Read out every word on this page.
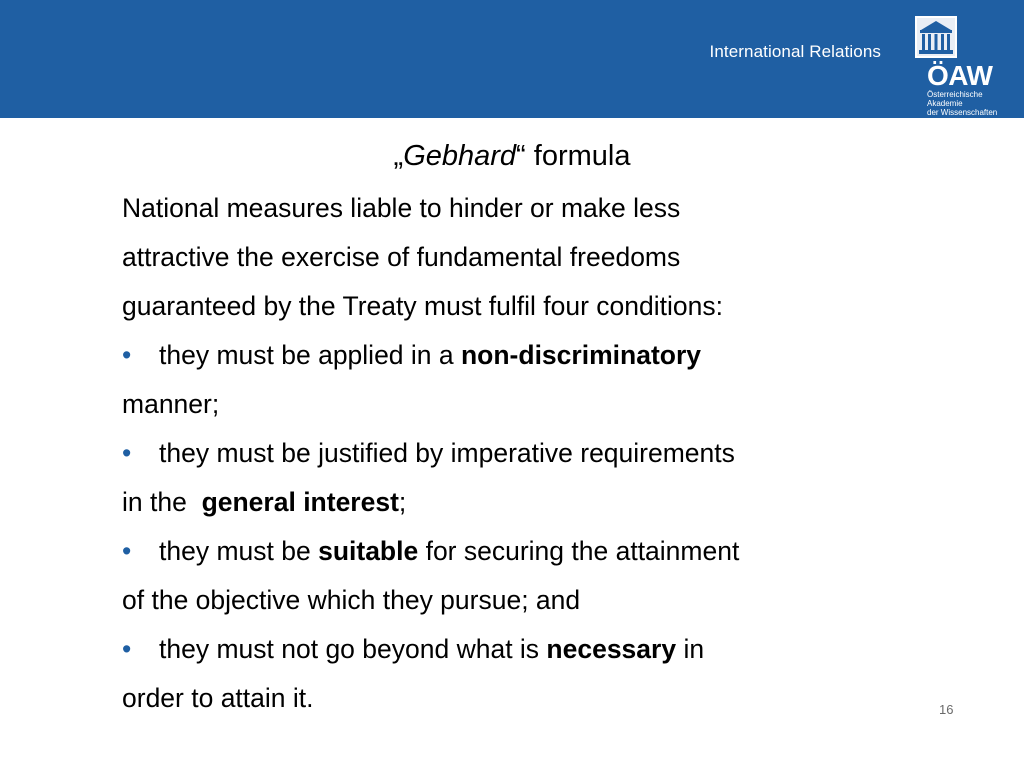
International Relations
ÖAW
Österreichische Akademie
der Wissenschaften
„Gebhard“ formula
National measures liable to hinder or make less
attractive the exercise of fundamental freedoms
guaranteed by the Treaty must fulfil four conditions:
• they must be applied in a non-discriminatory
manner;
• they must be justified by imperative requirements
in the  general interest;
• they must be suitable for securing the attainment
of the objective which they pursue; and
• they must not go beyond what is necessary in
order to attain it.	16
